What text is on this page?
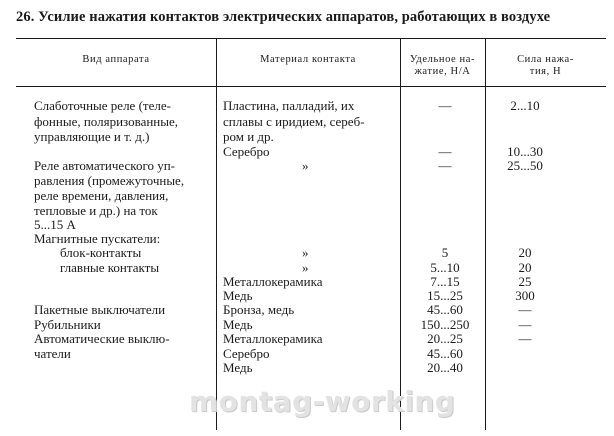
26. Усилие нажатия контактов электрических аппаратов, работающих в воздухе
Вид аппарата	Материал контакта	Удельное на-
жатие, Н/А
Сила нажа-
тия, Н
Слаботочные реле (теле-
фонные, поляризованные,
управляющие и т. д.)
Реле автоматического уп-
равления (промежуточные,
реле времени, давления,
тепловые и др.) на ток
5...15 А
Магнитные пускатели:
блок-контакты
главные контакты
Пакетные выключатели
Рубильники
Автоматические выклю-
чатели
Пластина, палладий, их
сплавы с иридием, сереб-
ром и др.
Серебро
»
»
»
Металлокерамика
Медь
Бронза, медь
Медь
Металлокерамика
Серебро
Медь
—
—
—
5
5...10
7...15
15...25
45...60
150...250
20...25
45...60
20...40
2...10
10...30
25...50
20
20
25
300
—
—
—
montag-working
